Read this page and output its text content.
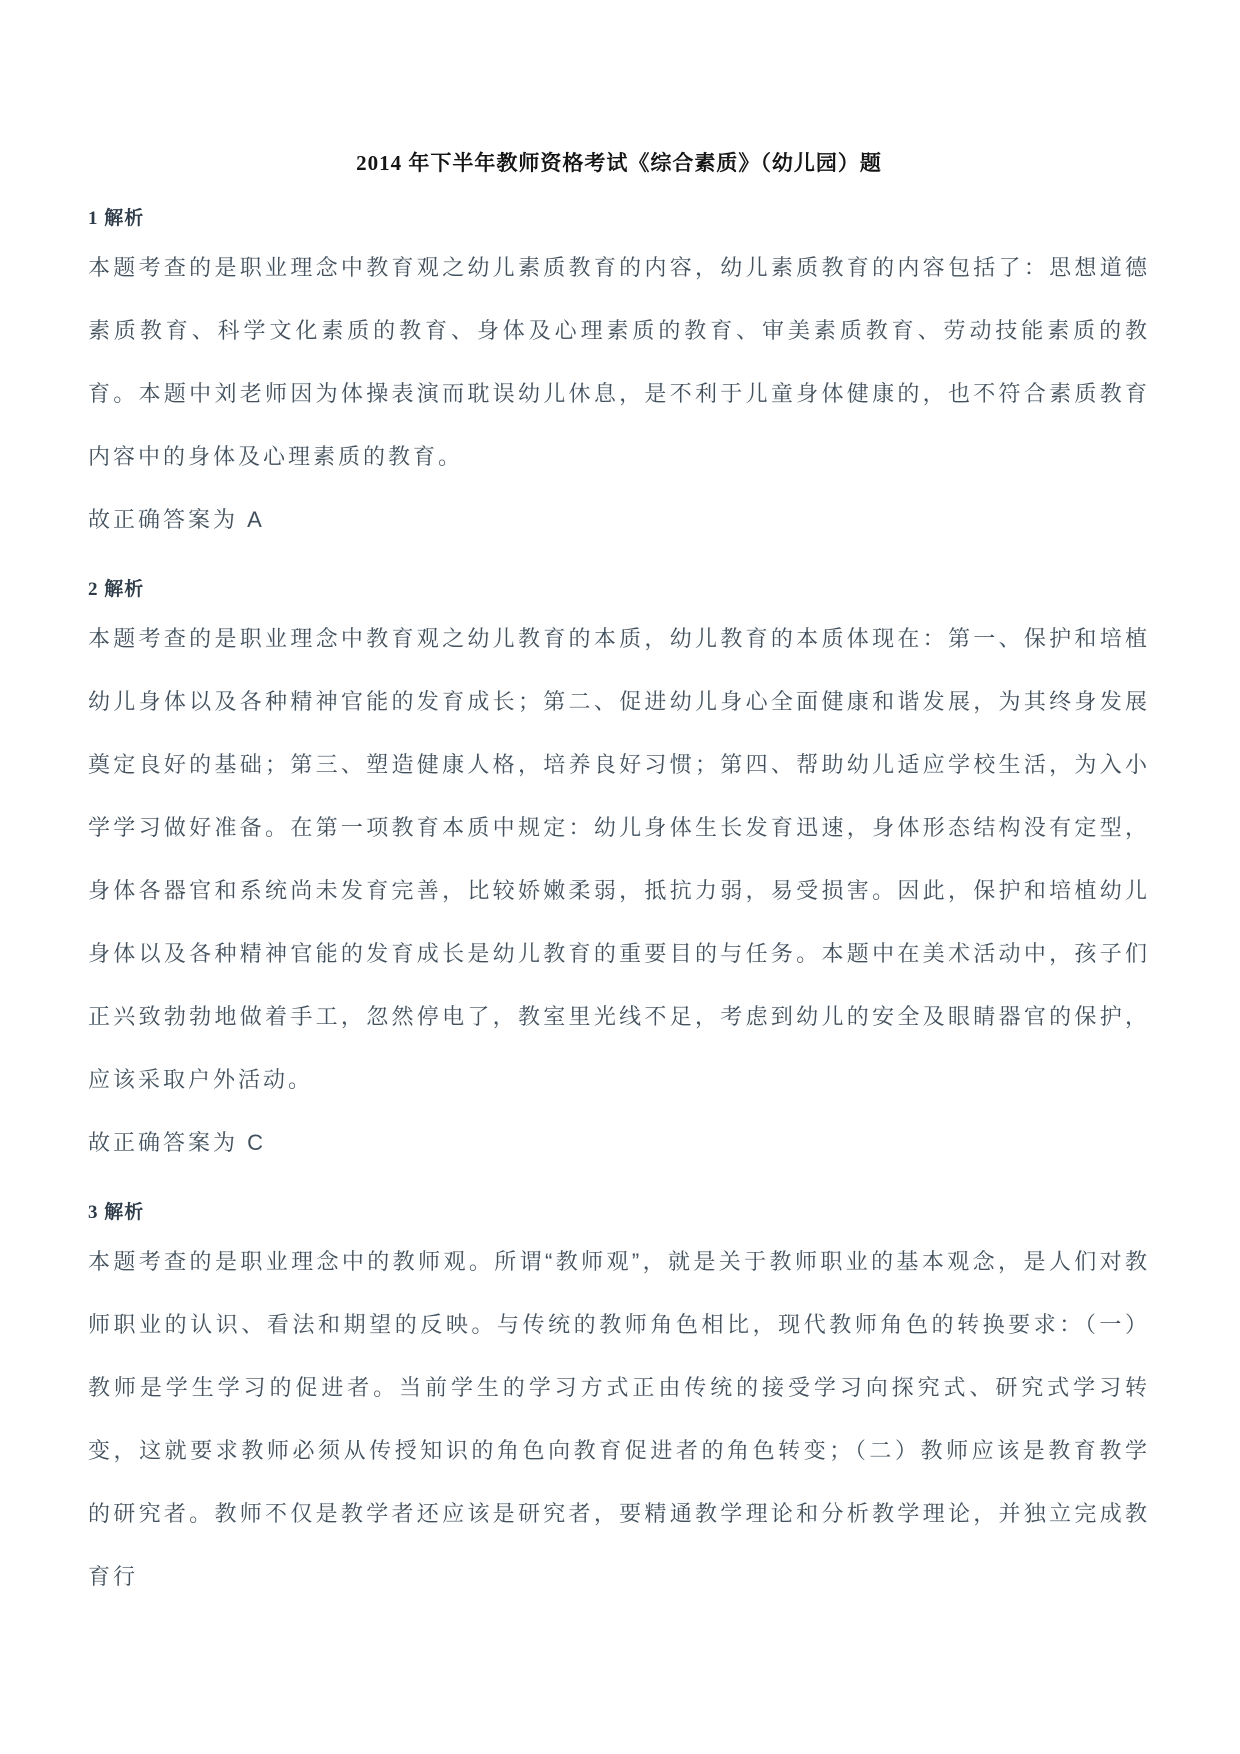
2014 年下半年教师资格考试《综合素质》（幼儿园）题
1 解析

本题考查的是职业理念中教育观之幼儿素质教育的内容，幼儿素质教育的内容包括了：思想道德素质教育、科学文化素质的教育、身体及心理素质的教育、审美素质教育、劳动技能素质的教育。本题中刘老师因为体操表演而耽误幼儿休息，是不利于儿童身体健康的，也不符合素质教育内容中的身体及心理素质的教育。

故正确答案为 A

2 解析

本题考查的是职业理念中教育观之幼儿教育的本质，幼儿教育的本质体现在：第一、保护和培植幼儿身体以及各种精神官能的发育成长；第二、促进幼儿身心全面健康和谐发展，为其终身发展奠定良好的基础；第三、塑造健康人格，培养良好习惯；第四、帮助幼儿适应学校生活，为入小学学习做好准备。在第一项教育本质中规定：幼儿身体生长发育迅速，身体形态结构没有定型，身体各器官和系统尚未发育完善，比较娇嫩柔弱，抵抗力弱，易受损害。因此，保护和培植幼儿身体以及各种精神官能的发育成长是幼儿教育的重要目的与任务。本题中在美术活动中，孩子们正兴致勃勃地做着手工，忽然停电了，教室里光线不足，考虑到幼儿的安全及眼睛器官的保护，应该采取户外活动。

故正确答案为 C

3 解析

本题考查的是职业理念中的教师观。所谓“教师观”，就是关于教师职业的基本观念，是人们对教师职业的认识、看法和期望的反映。与传统的教师角色相比，现代教师角色的转换要求：（一）教师是学生学习的促进者。当前学生的学习方式正由传统的接受学习向探究式、研究式学习转变，这就要求教师必须从传授知识的角色向教育促进者的角色转变；（二）教师应该是教育教学的研究者。教师不仅是教学者还应该是研究者，要精通教学理论和分析教学理论，并独立完成教育行
